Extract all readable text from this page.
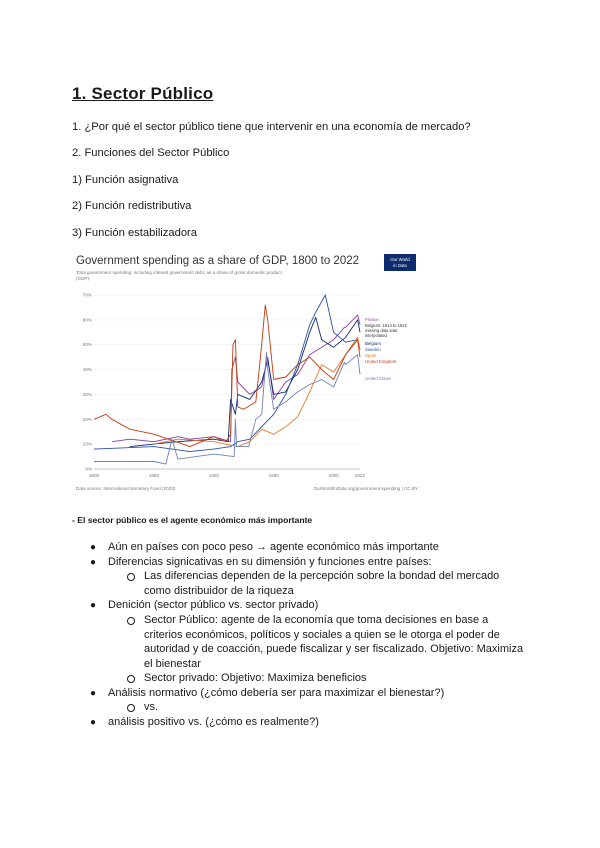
1. Sector Público
1. ¿Por qué el sector público tiene que intervenir en una economía de mercado?
2. Funciones del Sector Público
1) Función asignativa
2) Función redistributiva
3) Función estabilizadora
Government spending as a share of GDP, 1800 to 2022
Total government spending, including interest government debt, as a share of gross domestic product
(GDP).
Our World
in Data
0%
10%
20%
30%
40%
50%
60%
70%
1800	1850	1900	1950	2000	2022
France
Belgium: 1914 to 1922
missing data was
interpolated
Belgium
Sweden
Spain
United Kingdom
United States
Data source: International Monetary Fund (2023)	OurWorldInData.org/government-spending | CC BY
- El sector público es el agente económico más importante
● Aún en países con poco peso → agente económico más importante
● Diferencias signicativas en su dimensión y funciones entre países:
Las diferencias dependen de la percepción sobre la bondad del mercado
como distribuidor de la riqueza
● Denición (sector público vs. sector privado)
Sector Público: agente de la economía que toma decisiones en base a
criterios económicos, políticos y sociales a quien se le otorga el poder de
autoridad y de coacción, puede fiscalizar y ser fiscalizado. Objetivo: Maximiza
el bienestar
Sector privado: Objetivo: Maximiza beneficios
● Análisis normativo (¿cómo debería ser para maximizar el bienestar?)
vs.
● análisis positivo vs. (¿cómo es realmente?)
